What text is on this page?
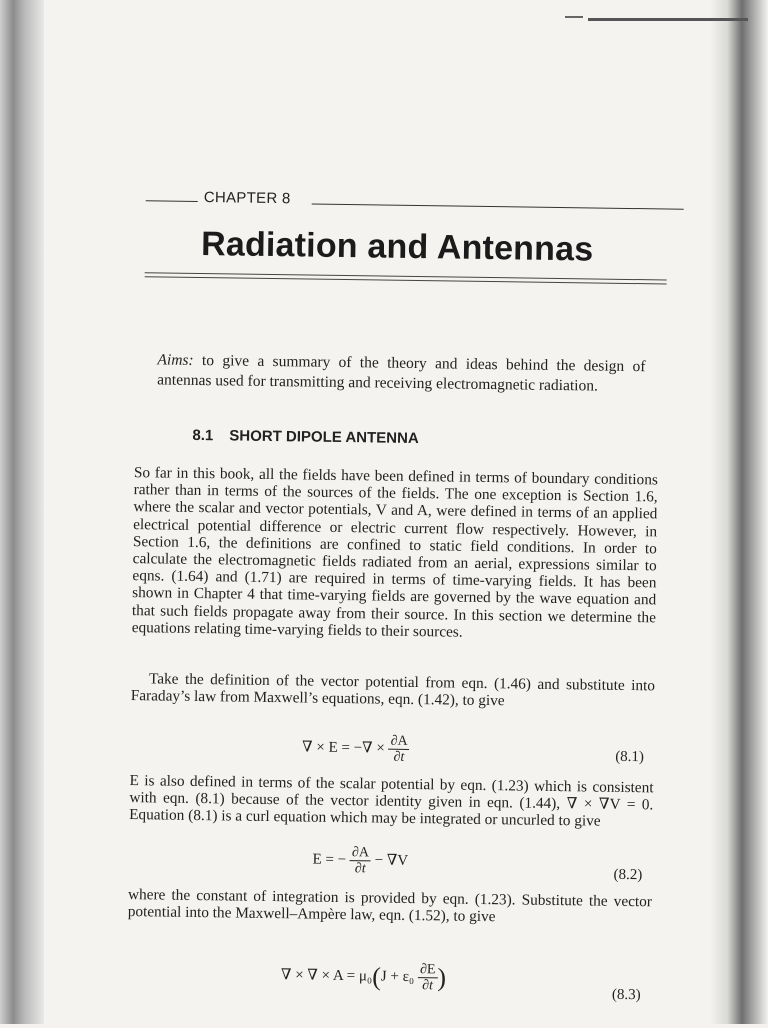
CHAPTER 8
Radiation and Antennas
Aims: to give a summary of the theory and ideas behind the design of antennas used for transmitting and receiving electromagnetic radiation.
8.1 SHORT DIPOLE ANTENNA
So far in this book, all the fields have been defined in terms of boundary conditions rather than in terms of the sources of the fields. The one exception is Section 1.6, where the scalar and vector potentials, V and A, were defined in terms of an applied electrical potential difference or electric current flow respectively. However, in Section 1.6, the definitions are confined to static field conditions. In order to calculate the electromagnetic fields radiated from an aerial, expressions similar to eqns. (1.64) and (1.71) are required in terms of time-varying fields. It has been shown in Chapter 4 that time-varying fields are governed by the wave equation and that such fields propagate away from their source. In this section we determine the equations relating time-varying fields to their sources.
Take the definition of the vector potential from eqn. (1.46) and substitute into Faraday’s law from Maxwell’s equations, eqn. (1.42), to give
∇ × E = −∇ × $\frac{\partial A}{\partial t}$	(8.1)
E is also defined in terms of the scalar potential by eqn. (1.23) which is consistent with eqn. (8.1) because of the vector identity given in eqn. (1.44), ∇ × ∇V = 0. Equation (8.1) is a curl equation which may be integrated or uncurled to give
E = − $\frac{\partial A}{\partial t} - \nabla V$
(8.2)
where the constant of integration is provided by eqn. (1.23). Substitute the vector potential into the Maxwell–Ampère law, eqn. (1.52), to give
∇ × ∇ × $A = \mu_0(J + \varepsilon_0 \frac{\partial E}{\partial t}$ )
(8.3)
